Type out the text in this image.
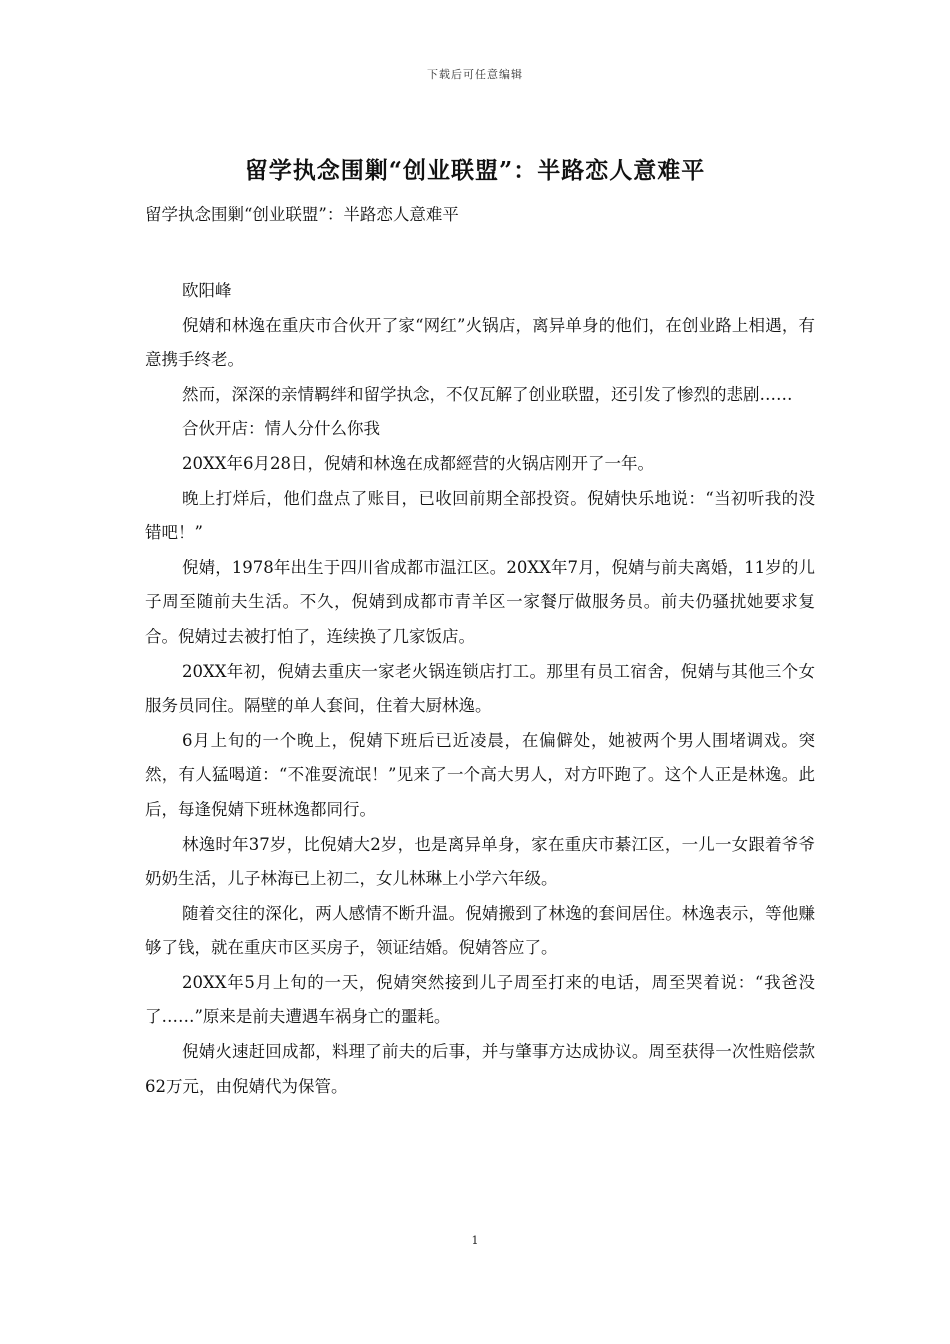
下载后可任意编辑
留学执念围剿“创业联盟”：半路恋人意难平

留学执念围剿“创业联盟”：半路恋人意难平

欧阳峰

倪婧和林逸在重庆市合伙开了家“网红”火锅店，离异单身的他们，在创业路上相遇，有意携手终老。

然而，深深的亲情羁绊和留学执念，不仅瓦解了创业联盟，还引发了惨烈的悲剧……

合伙开店：情人分什么你我

20XX年6月28日，倪婧和林逸在成都經营的火锅店刚开了一年。

晚上打烊后，他们盘点了账目，已收回前期全部投资。倪婧快乐地说：“当初听我的没错吧！”

倪婧，1978年出生于四川省成都市温江区。20XX年7月，倪婧与前夫离婚，11岁的儿子周至随前夫生活。不久，倪婧到成都市青羊区一家餐厅做服务员。前夫仍骚扰她要求复合。倪婧过去被打怕了，连续换了几家饭店。

20XX年初，倪婧去重庆一家老火锅连锁店打工。那里有员工宿舍，倪婧与其他三个女服务员同住。隔壁的单人套间，住着大厨林逸。

6月上旬的一个晚上，倪婧下班后已近凌晨，在偏僻处，她被两个男人围堵调戏。突然，有人猛喝道：“不准耍流氓！”见来了一个高大男人，对方吓跑了。这个人正是林逸。此后，每逢倪婧下班林逸都同行。

林逸时年37岁，比倪婧大2岁，也是离异单身，家在重庆市綦江区，一儿一女跟着爷爷奶奶生活，儿子林海已上初二，女儿林琳上小学六年级。

随着交往的深化，两人感情不断升温。倪婧搬到了林逸的套间居住。林逸表示，等他赚够了钱，就在重庆市区买房子，领证结婚。倪婧答应了。

20XX年5月上旬的一天，倪婧突然接到儿子周至打来的电话，周至哭着说：“我爸没了……”原来是前夫遭遇车祸身亡的噩耗。

倪婧火速赶回成都，料理了前夫的后事，并与肇事方达成协议。周至获得一次性赔偿款62万元，由倪婧代为保管。

1
